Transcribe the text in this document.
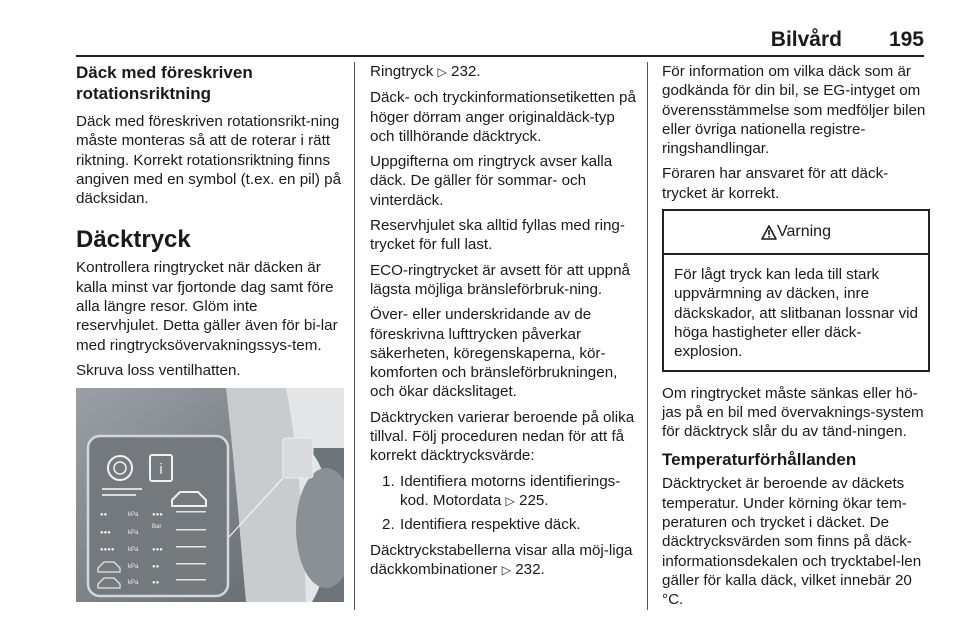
Bilvård 195
Däck med föreskriven
rotationsriktning

Däck med föreskriven rotationsrikt-ning måste monteras så att de roterar i rätt riktning. Korrekt rotationsriktning finns angiven med en symbol (t.ex. en pil) på däcksidan.

Däcktryck

Kontrollera ringtrycket när däcken är kalla minst var fjortonde dag samt före alla längre resor. Glöm inte reservhjulet. Detta gäller även för bi-lar med ringtrycksövervakningssys-tem.

Skruva loss ventilhatten.

i
●●	kPa ●●●
●●●	kPa
Bar
●●●● kPa ●●●
kPa ●●
kPa ●●

Ringtryck ▷ 232.

Däck- och tryckinformationsetiketten på höger dörram anger originaldäck-typ och tillhörande däcktryck.

Uppgifterna om ringtryck avser kalla däck. De gäller för sommar- och vinterdäck.

Reservhjulet ska alltid fyllas med ring-trycket för full last.

ECO-ringtrycket är avsett för att uppnå lägsta möjliga bränsleförbruk-ning.

Över- eller underskridande av de föreskrivna lufttrycken påverkar säkerheten, köregenskaperna, kör-komforten och bränsleförbrukningen, och ökar däckslitaget.

Däcktrycken varierar beroende på olika tillval. Följ proceduren nedan för att få korrekt däcktrycksvärde:

1. Identifiera motorns identifierings-kod. Motordata ▷ 225.
2. Identifiera respektive däck.

Däcktryckstabellerna visar alla möj-liga däckkombinationer ▷ 232.

För information om vilka däck som är godkända för din bil, se EG-intyget om överensstämmelse som medföljer bilen eller övriga nationella registre-ringshandlingar.

Föraren har ansvaret för att däck-trycket är korrekt.

Varning
För lågt tryck kan leda till stark uppvärmning av däcken, inre däckskador, att slitbanan lossnar vid höga hastigheter eller däck-explosion.

Om ringtrycket måste sänkas eller hö-jas på en bil med övervaknings-system för däcktryck slår du av tänd-ningen.

Temperaturförhållanden

Däcktrycket är beroende av däckets temperatur. Under körning ökar tem-peraturen och trycket i däcket. De däcktrycksvärden som finns på däck-informationsdekalen och trycktabel-len gäller för kalla däck, vilket innebär 20 °C.
